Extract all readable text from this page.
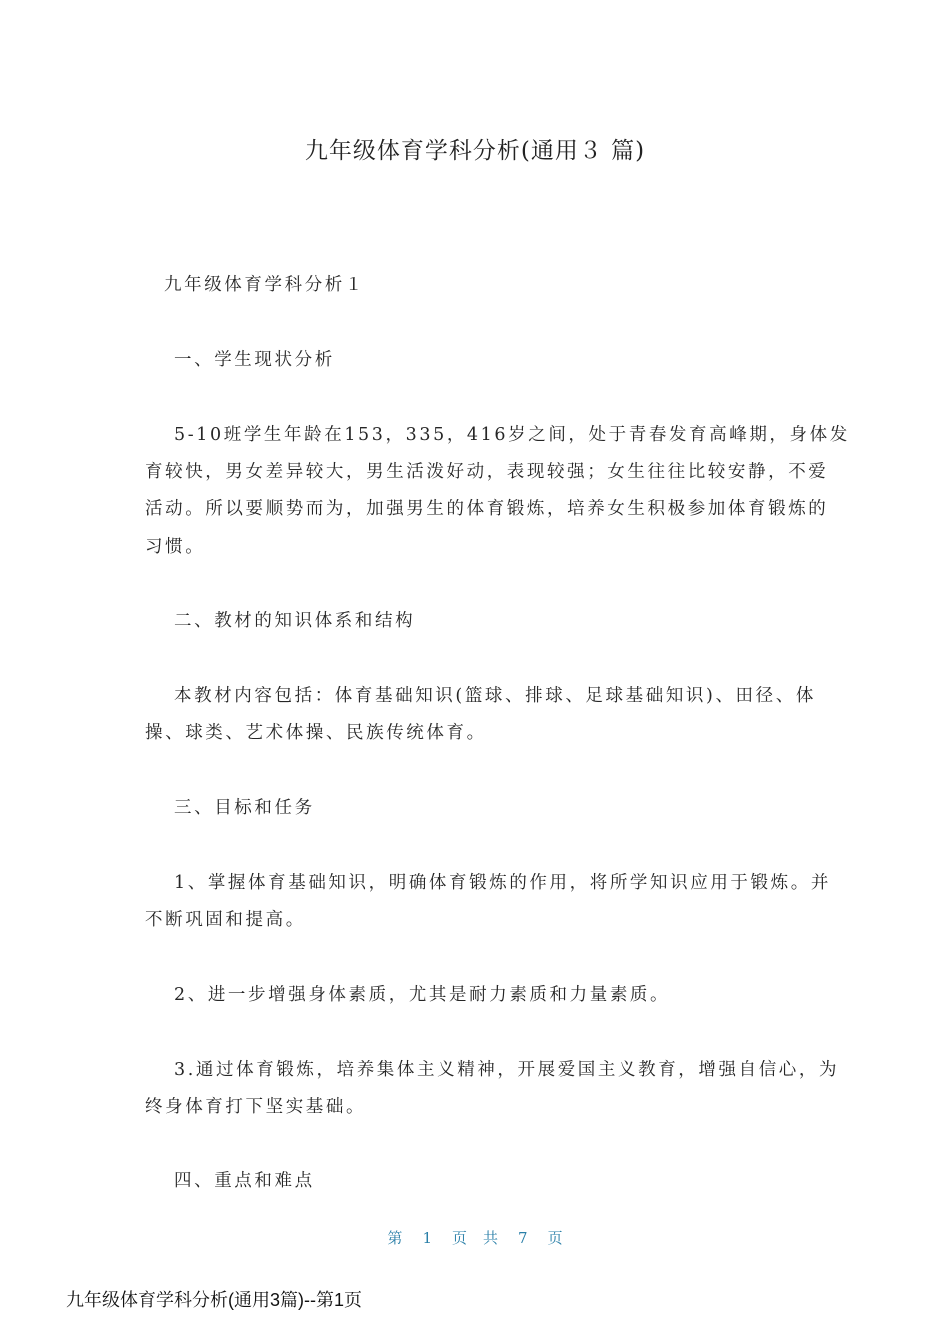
九年级体育学科分析(通用３ 篇)
九年级体育学科分析１
一、学生现状分析
5-10班学生年龄在153，335，416岁之间，处于青春发育高峰期，身体发
育较快，男女差异较大，男生活泼好动，表现较强；女生往往比较安静，不爱
活动。所以要顺势而为，加强男生的体育锻炼，培养女生积极参加体育锻炼的
习惯。
二、教材的知识体系和结构
本教材内容包括：体育基础知识(篮球、排球、足球基础知识)、田径、体
操、球类、艺术体操、民族传统体育。
三、目标和任务
1、掌握体育基础知识，明确体育锻炼的作用，将所学知识应用于锻炼。并
不断巩固和提高。
2、进一步增强身体素质，尤其是耐力素质和力量素质。
3.通过体育锻炼，培养集体主义精神，开展爱国主义教育，增强自信心，为
终身体育打下坚实基础。
四、重点和难点
第 1 页 共 7 页
九年级体育学科分析(通用3篇)--第1页
